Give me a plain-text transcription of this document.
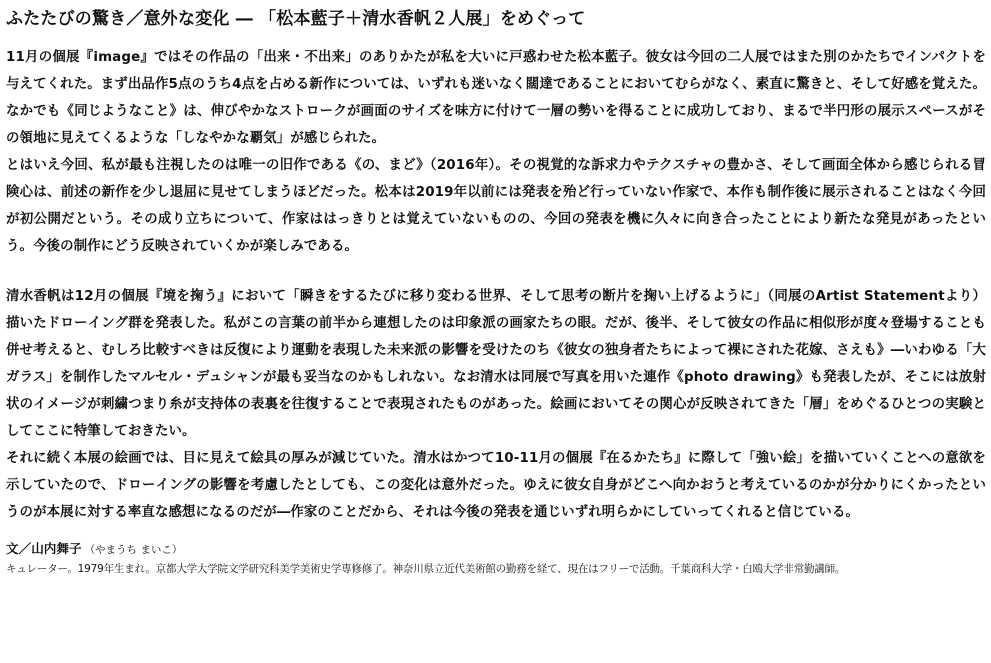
ふたたびの驚き／意外な変化 ― 「松本藍子＋清水香帆２人展」をめぐって

11月の個展『image』ではその作品の「出来・不出来」のありかたが私を大いに戸惑わせた松本藍子。彼女は今回の二人展ではまた別のかたちでインパクトを与えてくれた。まず出品作5点のうち4点を占める新作については、いずれも迷いなく闊達であることにおいてむらがなく、素直に驚きと、そして好感を覚えた。なかでも《同じようなこと》は、伸びやかなストロークが画面のサイズを味方に付けて一層の勢いを得ることに成功しており、まるで半円形の展示スペースがその領地に見えてくるような「しなやかな覇気」が感じられた。

とはいえ今回、私が最も注視したのは唯一の旧作である《の、まど》（2016年）。その視覚的な訴求力やテクスチャの豊かさ、そして画面全体から感じられる冒険心は、前述の新作を少し退屈に見せてしまうほどだった。松本は2019年以前には発表を殆ど行っていない作家で、本作も制作後に展示されることはなく今回が初公開だという。その成り立ちについて、作家ははっきりとは覚えていないものの、今回の発表を機に久々に向き合ったことにより新たな発見があったという。今後の制作にどう反映されていくかが楽しみである。

清水香帆は12月の個展『境を掬う』において「瞬きをするたびに移り変わる世界、そして思考の断片を掬い上げるように」（同展のArtist Statementより）描いたドローイング群を発表した。私がこの言葉の前半から連想したのは印象派の画家たちの眼。だが、後半、そして彼女の作品に相似形が度々登場することも併せ考えると、むしろ比較すべきは反復により運動を表現した未来派の影響を受けたのち《彼女の独身者たちによって裸にされた花嫁、さえも》―いわゆる「大ガラス」を制作したマルセル・デュシャンが最も妥当なのかもしれない。なお清水は同展で写真を用いた連作《photo drawing》も発表したが、そこには放射状のイメージが刺繍つまり糸が支持体の表裏を往復することで表現されたものがあった。絵画においてその関心が反映されてきた「層」をめぐるひとつの実験としてここに特筆しておきたい。

それに続く本展の絵画では、目に見えて絵具の厚みが減じていた。清水はかつて10-11月の個展『在るかたち』に際して「強い絵」を描いていくことへの意欲を示していたので、ドローイングの影響を考慮したとしても、この変化は意外だった。ゆえに彼女自身がどこへ向かおうと考えているのかが分かりにくかったというのが本展に対する率直な感想になるのだが―作家のことだから、それは今後の発表を通じいずれ明らかにしていってくれると信じている。

文／山内舞子 （やまうち まいこ）
キュレーター。1979年生まれ。京都大学大学院文学研究科美学美術史学専修修了。神奈川県立近代美術館の勤務を経て、現在はフリーで活動。千葉商科大学・白鴎大学非常勤講師。
